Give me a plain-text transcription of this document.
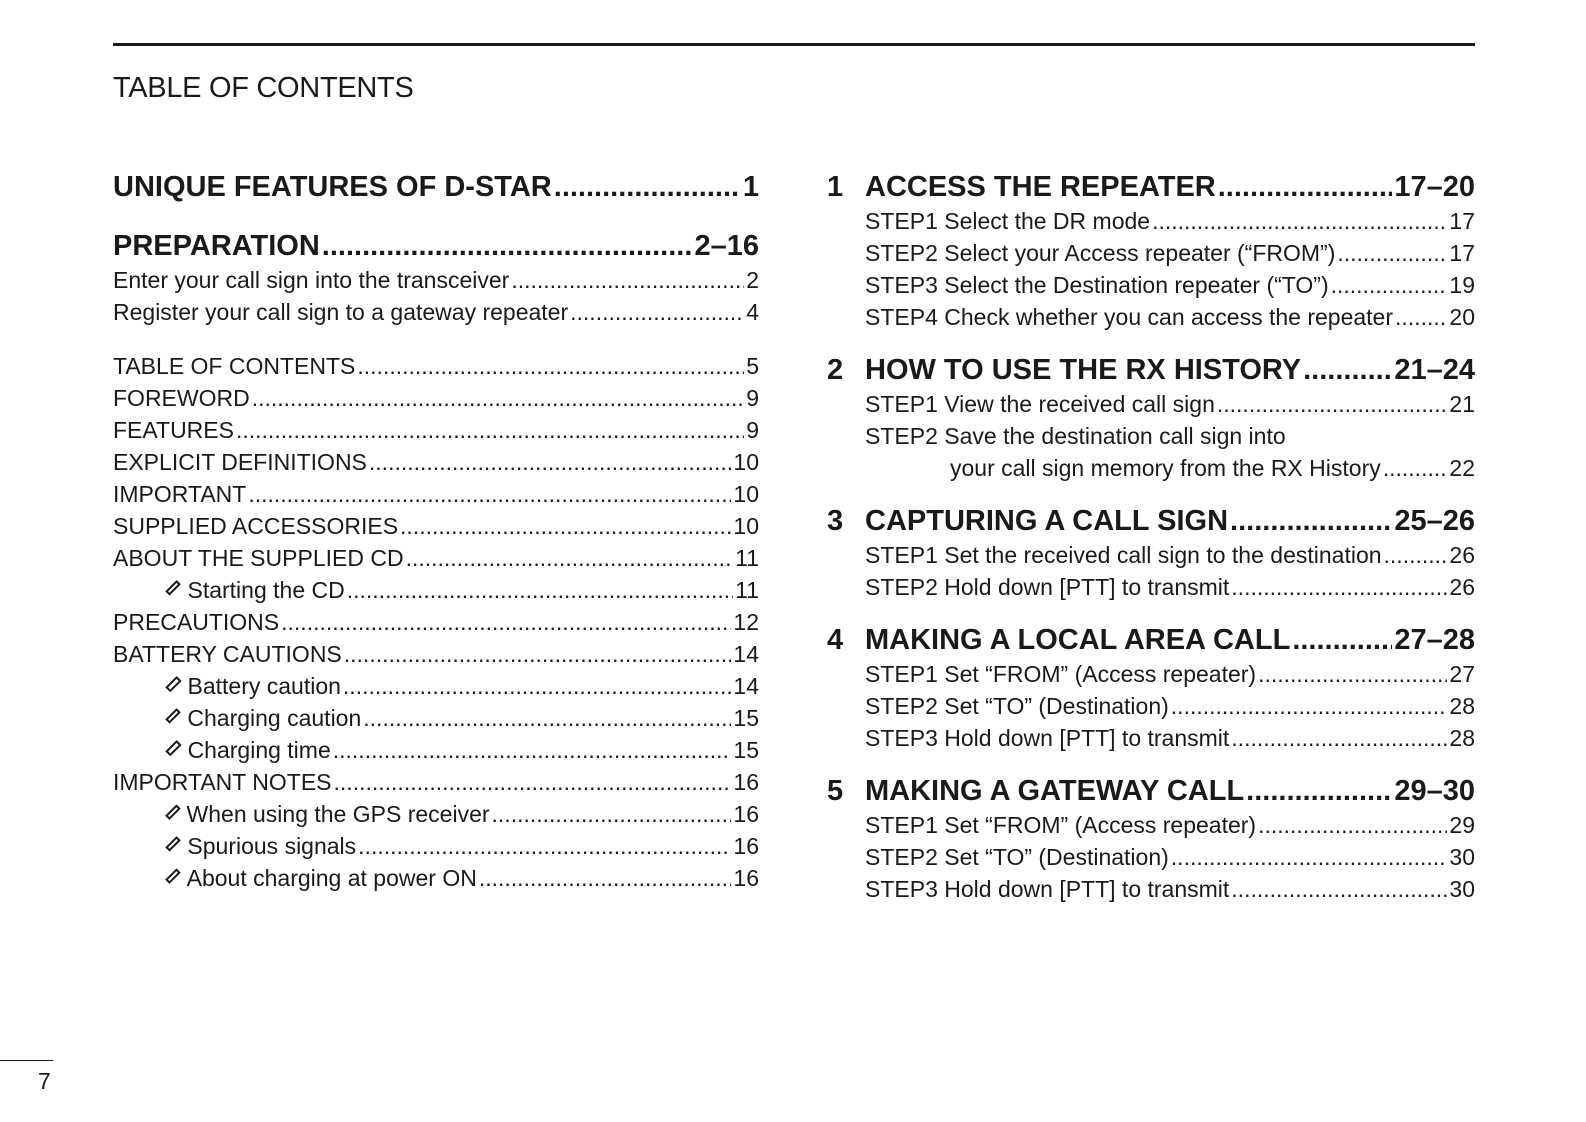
TABLE OF CONTENTS
UNIQUE FEATURES OF D-STAR .....	1
PREPARATION .....	2–16
Enter your call sign into the transceiver .....	2
Register your call sign to a gateway repeater .....	4
TABLE OF CONTENTS .....	5
FOREWORD .....	9
FEATURES .....	9
EXPLICIT DEFINITIONS .....	10
IMPORTANT .....	10
SUPPLIED ACCESSORIES .....	10
ABOUT THE SUPPLIED CD .....	11
Starting the CD .....	11
PRECAUTIONS .....	12
BATTERY CAUTIONS .....	14
Battery caution .....	14
Charging caution .....	15
Charging time .....	15
IMPORTANT NOTES .....	16
When using the GPS receiver .....	16
Spurious signals .....	16
About charging at power ON .....	16
1 ACCESS THE REPEATER .....	17–20
STEP1 Select the DR mode .....	17
STEP2 Select your Access repeater (“FROM”) .....	17
STEP3 Select the Destination repeater (“TO”) .....	19
STEP4 Check whether you can access the repeater ..... 20
2 HOW TO USE THE RX HISTORY .....	21–24
STEP1 View the received call sign .....	21
STEP2 Save the destination call sign into
your call sign memory from the RX History .....	22
3 CAPTURING A CALL SIGN .....	25–26
STEP1 Set the received call sign to the destination .....	26
STEP2 Hold down [PTT] to transmit .....	26
4 MAKING A LOCAL AREA CALL .....	27–28
STEP1 Set “FROM” (Access repeater) .....	27
STEP2 Set “TO” (Destination) .....	28
STEP3 Hold down [PTT] to transmit .....	28
5 MAKING A GATEWAY CALL .....	29–30
STEP1 Set “FROM” (Access repeater) .....	29
STEP2 Set “TO” (Destination) .....	30
STEP3 Hold down [PTT] to transmit .....	30
7
